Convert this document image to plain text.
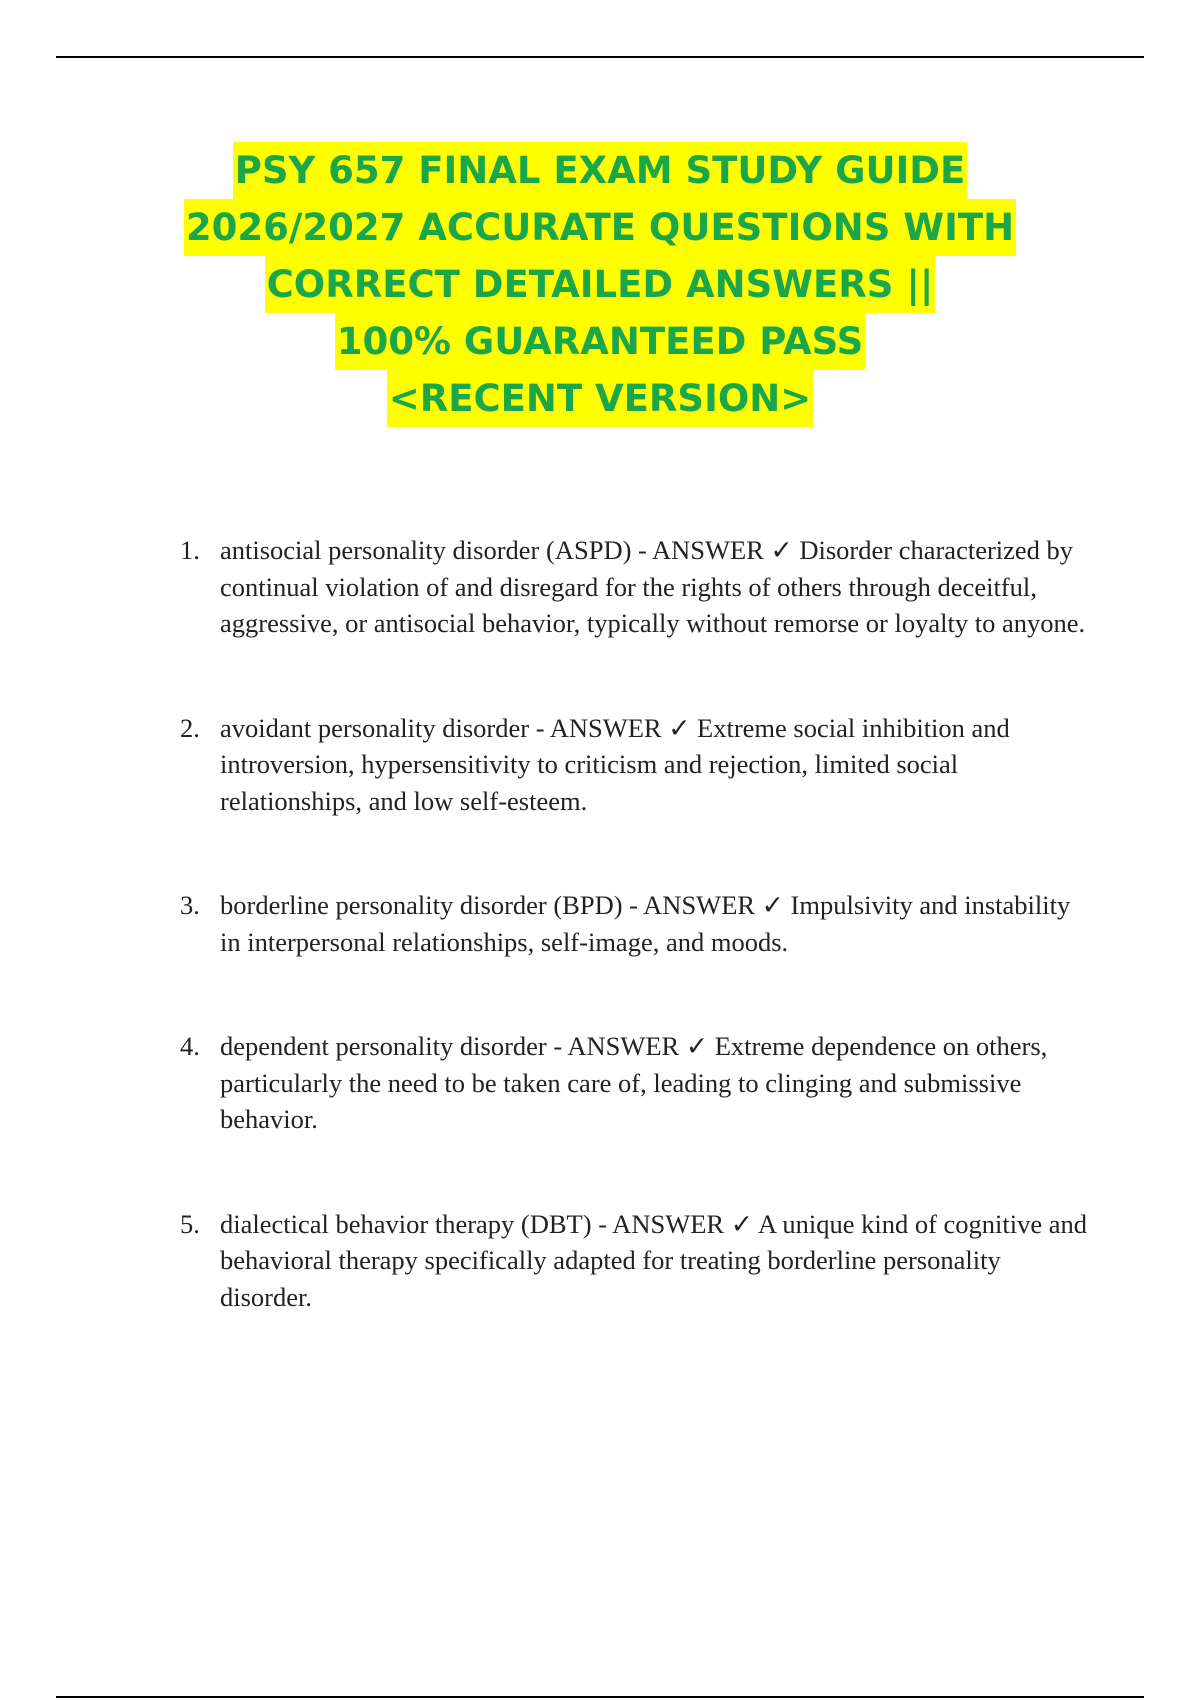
PSY 657 FINAL EXAM STUDY GUIDE
2026/2027 ACCURATE QUESTIONS WITH
CORRECT DETAILED ANSWERS ||
100% GUARANTEED PASS
<RECENT VERSION>
1. antisocial personality disorder (ASPD) - ANSWER ✓ Disorder characterized by continual violation of and disregard for the rights of others through deceitful, aggressive, or antisocial behavior, typically without remorse or loyalty to anyone.
2. avoidant personality disorder - ANSWER ✓ Extreme social inhibition and introversion, hypersensitivity to criticism and rejection, limited social relationships, and low self-esteem.
3. borderline personality disorder (BPD) - ANSWER ✓ Impulsivity and instability in interpersonal relationships, self-image, and moods.
4. dependent personality disorder - ANSWER ✓ Extreme dependence on others, particularly the need to be taken care of, leading to clinging and submissive behavior.
5. dialectical behavior therapy (DBT) - ANSWER ✓ A unique kind of cognitive and behavioral therapy specifically adapted for treating borderline personality disorder.
